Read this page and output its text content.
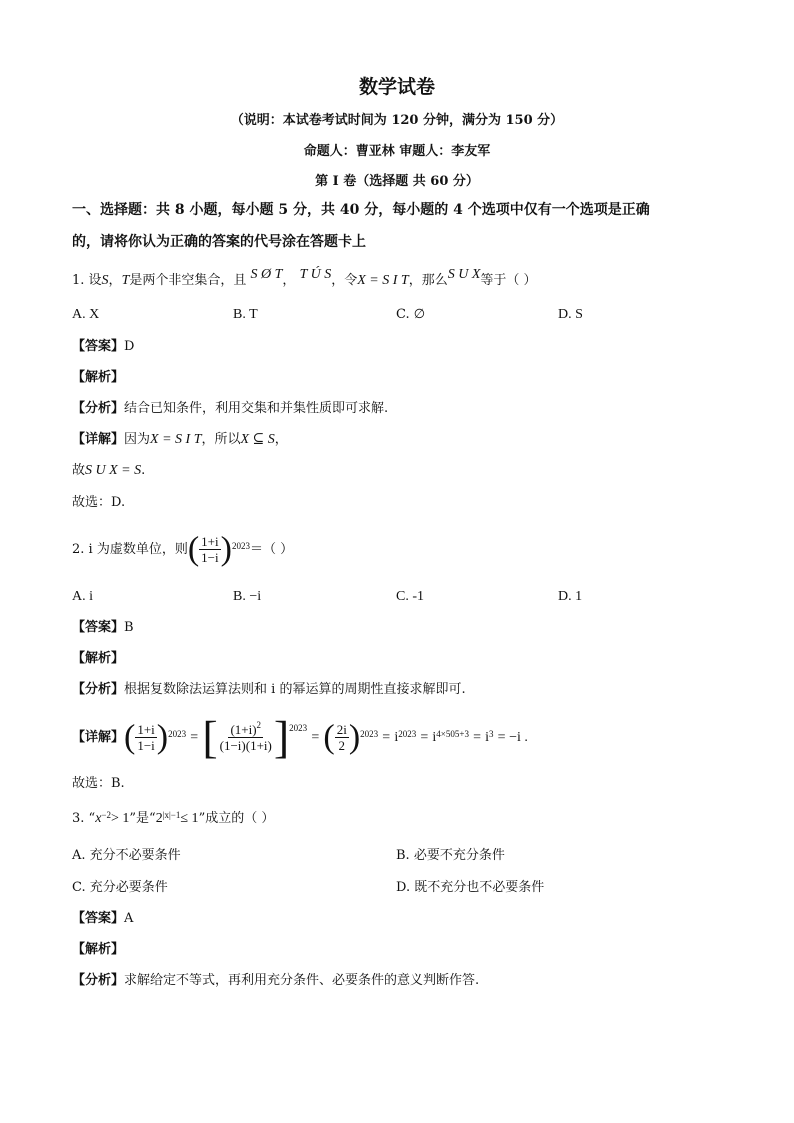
数学试卷
（说明：本试卷考试时间为 120 分钟，满分为 150 分）
命题人：曹亚林 审题人：李友军
第 I 卷（选择题 共 60 分）
一、选择题：共 8 小题，每小题 5 分，共 40 分，每小题的 4 个选项中仅有一个选项是正确
的，请将你认为正确的答案的代号涂在答题卡上
1. 设S，T是两个非空集合，且 S Ø T， T Ú S，令X = S I T，那么S U X等于（ ）
A. X	B. T	C. ∅	D. S
【答案】D
【解析】
【分析】结合已知条件，利用交集和并集性质即可求解.
【详解】因为X = S I T，所以X ⊆ S，
故S U X = S.
故选：D.
2. i 为虚数单位，则( $\frac{1+i}{1-i} )^{2023}=$（ ）
A. i	B. −i	C. -1	D. 1
【答案】B
【解析】
【分析】根据复数除法运算法则和 i 的幂运算的周期性直接求解即可.
【详解】( $\frac{1+i}{1-i} )^{2023}$ = [ $\frac{(1+i)^2}{(1-i)(1+i)} ]^{2023}$ = ( $\frac{2i}{2} )^{2023} = i^{2023} = i^{4\times 505+3} = i^3 = -i$ .
故选：B.
3. “$x^{-2}> 1$”是“$2^{|x|-1}\le 1$”成立的（ ）
A. 充分不必要条件	B. 必要不充分条件
C. 充分必要条件	D. 既不充分也不必要条件
【答案】A
【解析】
【分析】求解给定不等式，再利用充分条件、必要条件的意义判断作答.
